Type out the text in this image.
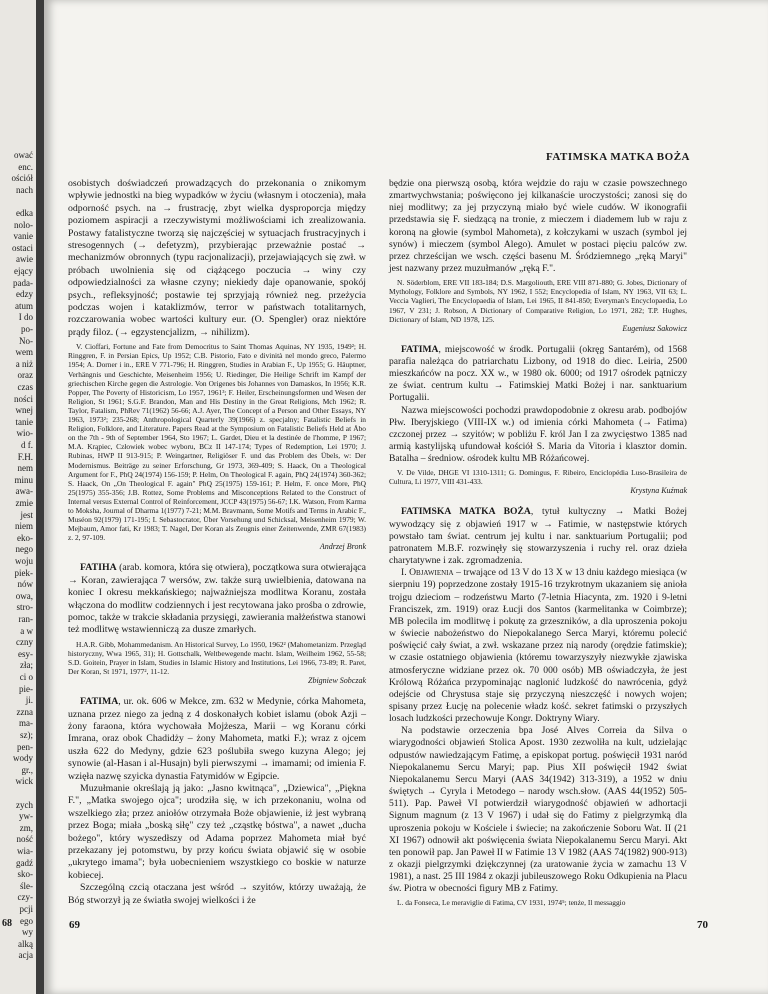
ować
enc.
ościół
nach
edka
nolo-
vanie
ostaci
awie
ejący
pada-
edzy
atum
I do
po-
No-
wem
a niż
oraz
czas
ności
wnej
tanie
wio-
d f.
F.H.
nem
minu
awa-
zmie
jest
niem
eko-
nego
woju
piek-
nów
owa,
stro-
ran-
a w
czny
esy-
zła;
ci o
pie-
ji.
zzna
ma-
sz);
pen-
wody
gr.,
wick
zych
yw-
zm,
ność
wia-
gadź
sko-
śle-
czy-
pcji
ego
wy
alką
acja
68
FATIMSKA MATKA BOŻA

osobistych doświadczeń prowadzących do przekonania o znikomym wpływie jednostki na bieg wypadków w życiu (własnym i otoczenia), mała odporność psych. na → frustrację, zbyt wielka dysproporcja między poziomem aspiracji a rzeczywistymi możliwościami ich zrealizowania. Postawy fatalistyczne tworzą się najczęściej w sytuacjach frustracyjnych i stresogennych (→ defetyzm), przybierając przeważnie postać → mechanizmów obronnych (typu racjonalizacji), przejawiających się zwł. w próbach uwolnienia się od ciążącego poczucia → winy czy odpowiedzialności za własne czyny; niekiedy daje opanowanie, spokój psych., refleksyjność; postawie tej sprzyjają również neg. przeżycia podczas wojen i kataklizmów, terror w państwach totalitarnych, rozczarowania wobec wartości kultury eur. (O. Spengler) oraz niektóre prądy filoz. (→ egzystencjalizm, → nihilizm).

V. Cioffari, Fortune and Fate from Democritus to Saint Thomas Aquinas, NY 1935, 1949²; H. Ringgren, F. in Persian Epics, Up 1952; C.B. Pistorio, Fato e divinità nel mondo greco, Palermo 1954; A. Dorner i in., ERE V 771-796; H. Ringgren, Studies in Arabian F., Up 1955; G. Häuptner, Verhängnis und Geschichte, Meisenheim 1956; U. Riedinger, Die Heilige Schrift im Kampf der griechischen Kirche gegen die Astrologie. Von Origenes bis Johannes von Damaskos, In 1956; K.R. Popper, The Poverty of Historicism, Lo 1957, 1961³; F. Heiler, Erscheinungsformen und Wesen der Religion, St 1961; S.G.F. Brandon, Man and His Destiny in the Great Religions, Mch 1962; R. Taylor, Fatalism, PhRev 71(1962) 56-66; A.J. Ayer, The Concept of a Person and Other Essays, NY 1963, 1973²; 235-268; Anthropological Quarterly 39(1966) z. specjalny; Fatalistic Beliefs in Religion, Folklore, and Literature. Papers Read at the Symposium on Fatalistic Beliefs Held at Åbo on the 7th - 9th of September 1964, Sto 1967; L. Gardet, Dieu et la destinée de l'homme, P 1967; M.A. Krąpiec, Człowiek wobec wyboru, BCz II 147-174; Types of Redemption, Lei 1970; J. Rubinas, HWP II 913-915; P. Weingartner, Religiöser F. und das Problem des Übels, w: Der Modernismus. Beiträge zu seiner Erforschung, Gr 1973, 369-409; S. Haack, On a Theological Argument for F., PhQ 24(1974) 156-159; P. Helm, On Theological F. again, PhQ 24(1974) 360-362; S. Haack, On „On Theological F. again" PhQ 25(1975) 159-161; P. Helm, F. once More, PhQ 25(1975) 355-356; J.B. Rottez, Some Problems and Misconceptions Related to the Construct of Internal versus External Control of Reinforcement, JCCP 43(1975) 56-67; I.K. Watson, From Karma to Moksha, Journal of Dharma 1(1977) 7-21; M.M. Bravmann, Some Motifs and Terms in Arabic F., Muséon 92(1979) 171-195; I. Sebastocrator, Über Vorsehung und Schicksal, Meisenheim 1979; W. Mejbaum, Amor fati, Kr 1983; T. Nagel, Der Koran als Zeugnis einer Zeitenwende, ZMR 67(1983) z. 2, 97-109.

Andrzej Bronk

FATIHA (arab. komora, która się otwiera), początkowa sura otwierająca → Koran, zawierająca 7 wersów, zw. także surą uwielbienia, datowana na koniec I okresu mekkańskiego; najważniejsza modlitwa Koranu, została włączona do modlitw codziennych i jest recytowana jako prośba o zdrowie, pomoc, także w trakcie składania przysięgi, zawierania małżeństwa stanowi też modlitwę wstawienniczą za dusze zmarłych.

H.A.R. Gibb, Mohammedanism. An Historical Survey, Lo 1950, 1962² (Mahometanizm. Przegląd historyczny, Wwa 1965, 31); H. Gottschalk, Weltbewegende macht. Islam, Weilheim 1962, 55-58; S.D. Goitein, Prayer in Islam, Studies in Islamic History and Institutions, Lei 1966, 73-89; R. Paret, Der Koran, St 1971, 1977², 11-12.

Zbigniew Sobczak

FATIMA, ur. ok. 606 w Mekce, zm. 632 w Medynie, córka Mahometa, uznana przez niego za jedną z 4 doskonałych kobiet islamu (obok Azji – żony faraona, która wychowała Mojżesza, Marii – wg Koranu córki Imrana, oraz obok Chadidży – żony Mahometa, matki F.); wraz z ojcem uszła 622 do Medyny, gdzie 623 poślubiła swego kuzyna Alego; jej synowie (al-Hasan i al-Husajn) byli pierwszymi → imamami; od imienia F. wzięła nazwę szyicka dynastia Fatymidów w Egipcie.

Muzułmanie określają ją jako: „Jasno kwitnąca", „Dziewica", „Piękna F.", „Matka swojego ojca"; urodziła się, w ich przekonaniu, wolna od wszelkiego zła; przez aniołów otrzymała Boże objawienie, iż jest wybraną przez Boga; miała „boską siłę" czy też „cząstkę bóstwa", a nawet „ducha bożego", który wyszedłszy od Adama poprzez Mahometa miał być przekazany jej potomstwu, by przy końcu świata objawić się w osobie „ukrytego imama"; była uobecnieniem wszystkiego co boskie w naturze kobiecej.

Szczególną czcią otaczana jest wśród → szyitów, którzy uważają, że Bóg stworzył ją ze światła swojej wielkości i że

będzie ona pierwszą osobą, która wejdzie do raju w czasie powszechnego zmartwychwstania; poświęcono jej kilkanaście uroczystości; zanosi się do niej modlitwy; za jej przyczyną miało być wiele cudów. W ikonografii przedstawia się F. siedzącą na tronie, z mieczem i diademem lub w raju z koroną na głowie (symbol Mahometa), z kołczykami w uszach (symbol jej synów) i mieczem (symbol Alego). Amulet w postaci pięciu palców zw. przez chrześcijan we wsch. części basenu M. Śródziemnego „ręką Maryi" jest nazwany przez muzułmanów „ręką F.".

N. Söderblom, ERE VII 183-184; D.S. Margoliouth, ERE VIII 871-880; G. Jobes, Dictionary of Mythology, Folklore and Symbols, NY 1962, I 552; Encyclopedia of Islam, NY 1963, VII 63; L. Veccia Vaglieri, The Encyclopaedia of Islam, Lei 1965, II 841-850; Everyman's Encyclopaedia, Lo 1967, V 231; J. Robson, A Dictionary of Comparative Religion, Lo 1971, 282; T.P. Hughes, Dictionary of Islam, ND 1978, 125.

Eugeniusz Sakowicz

FATIMA, miejscowość w środk. Portugalii (okręg Santarém), od 1568 parafia należąca do patriarchatu Lizbony, od 1918 do diec. Leiria, 2500 mieszkańców na pocz. XX w., w 1980 ok. 6000; od 1917 ośrodek pątniczy ze świat. centrum kultu → Fatimskiej Matki Bożej i nar. sanktuarium Portugalii.

Nazwa miejscowości pochodzi prawdopodobnie z okresu arab. podbojów Płw. Iberyjskiego (VIII-IX w.) od imienia córki Mahometa (→ Fatima) czczonej przez → szyitów; w pobliżu F. król Jan I za zwycięstwo 1385 nad armią kastylijską ufundował kościół S. Maria da Vitoria i klasztor domin. Batalha – średniow. ośrodek kultu MB Różańcowej.

V. De Vilde, DHGE VI 1310-1311; G. Domingus, F. Ribeiro, Enciclopédia Luso-Brasileira de Cultura, Li 1977, VIII 431-433.

Krystyna Kuźmak

FATIMSKA MATKA BOŻA, tytuł kultyczny → Matki Bożej wywodzący się z objawień 1917 w → Fatimie, w następstwie których powstało tam świat. centrum jej kultu i nar. sanktuarium Portugalii; pod patronatem M.B.F. rozwinęły się stowarzyszenia i ruchy rel. oraz dzieła charytatywne i zak. zgromadzenia.

I. Objawienia – trwające od 13 V do 13 X w 13 dniu każdego miesiąca (w sierpniu 19) poprzedzone zostały 1915-16 trzykrotnym ukazaniem się anioła trojgu dzieciom – rodzeństwu Marto (7-letnia Hiacynta, zm. 1920 i 9-letni Franciszek, zm. 1919) oraz Łucji dos Santos (karmelitanka w Coimbrze); MB polecila im modlitwę i pokutę za grzeszników, a dla uproszenia pokoju w świecie nabożeństwo do Niepokalanego Serca Maryi, któremu polecić poświęcić cały świat, a zwł. wskazane przez nią narody (orędzie fatimskie); w czasie ostatniego objawienia (któremu towarzyszyły niezwykłe zjawiska atmosferyczne widziane przez ok. 70 000 osób) MB oświadczyła, że jest Królową Różańca przypominając naglonić ludzkość do nawrócenia, gdyż odejście od Chrystusa staje się przyczyną nieszczęść i nowych wojen; spisany przez Łucję na polecenie władz kość. sekret fatimski o przyszłych losach ludzkości przechowuje Kongr. Doktryny Wiary.

Na podstawie orzeczenia bpa José Alves Correia da Silva o wiarygodności objawień Stolica Apost. 1930 zezwoliła na kult, udzielając odpustów nawiedzającym Fatimę, a episkopat portug. poświęcił 1931 naród Niepokalanemu Sercu Maryi; pap. Pius XII poświęcił 1942 świat Niepokalanemu Sercu Maryi (AAS 34(1942) 313-319), a 1952 w dniu świętych → Cyryla i Metodego – narody wsch.słow. (AAS 44(1952) 505-511). Pap. Paweł VI potwierdził wiarygodność objawień w adhortacji Signum magnum (z 13 V 1967) i udał się do Fatimy z pielgrzymką dla uproszenia pokoju w Kościele i świecie; na zakończenie Soboru Wat. II (21 XI 1967) odnowił akt poświęcenia świata Niepokalanemu Sercu Maryi. Akt ten ponowił pap. Jan Paweł II w Fatimie 13 V 1982 (AAS 74(1982) 900-913) z okazji pielgrzymki dziękczynnej (za uratowanie życia w zamachu 13 V 1981), a nast. 25 III 1984 z okazji jubileuszowego Roku Odkupienia na Placu św. Piotra w obecności figury MB z Fatimy.

L. da Fonseca, Le meraviglie di Fatima, CV 1931, 1974⁵; tenże, Il messaggio

69	70
